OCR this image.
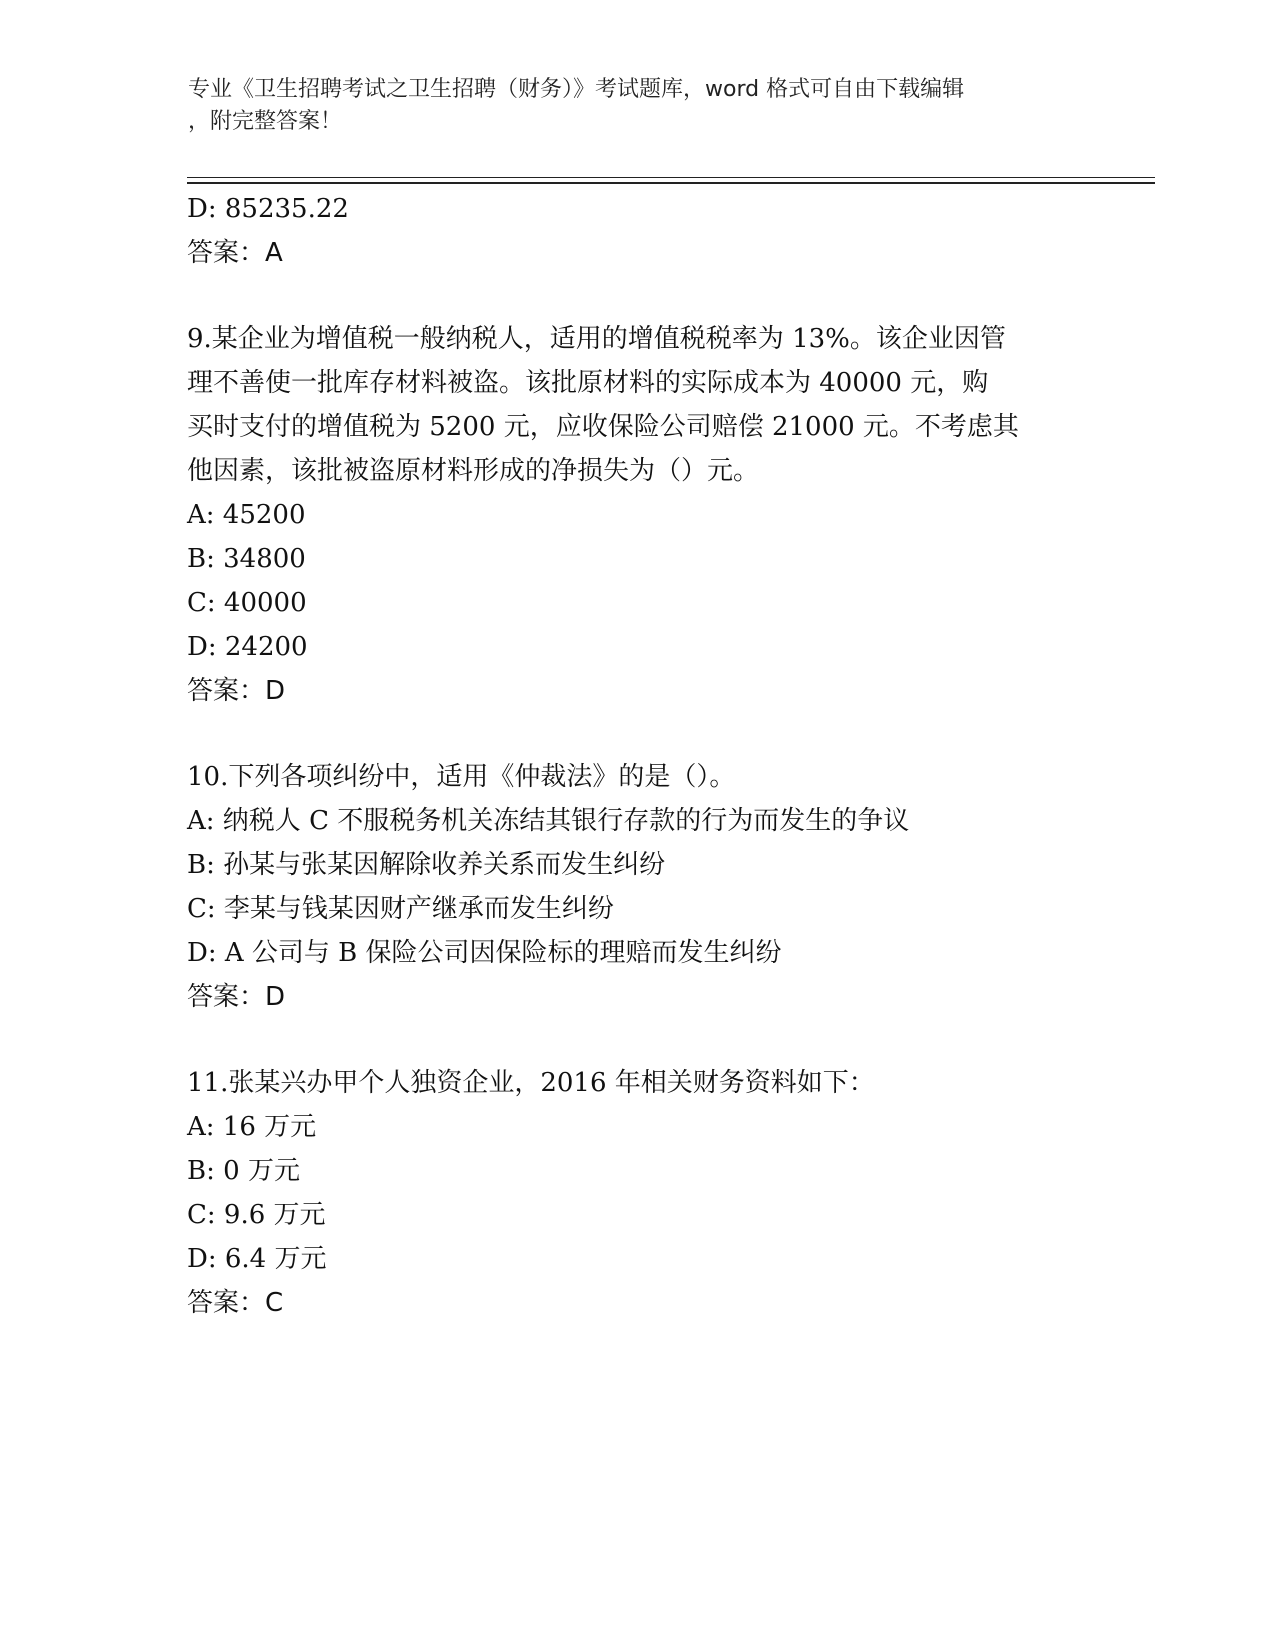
专业《卫生招聘考试之卫生招聘（财务）》考试题库，word 格式可自由下载编辑
，附完整答案！
D: 85235.22
答案：A
9.某企业为增值税一般纳税人，适用的增值税税率为 13%。该企业因管
理不善使一批库存材料被盗。该批原材料的实际成本为 40000 元，购
买时支付的增值税为 5200 元，应收保险公司赔偿 21000 元。不考虑其
他因素，该批被盗原材料形成的净损失为（）元。
A: 45200
B: 34800
C: 40000
D: 24200
答案：D
10.下列各项纠纷中，适用《仲裁法》的是（）。
A: 纳税人 C 不服税务机关冻结其银行存款的行为而发生的争议
B: 孙某与张某因解除收养关系而发生纠纷
C: 李某与钱某因财产继承而发生纠纷
D: A 公司与 B 保险公司因保险标的理赔而发生纠纷
答案：D
11.张某兴办甲个人独资企业，2016 年相关财务资料如下：
A: 16 万元
B: 0 万元
C: 9.6 万元
D: 6.4 万元
答案：C
